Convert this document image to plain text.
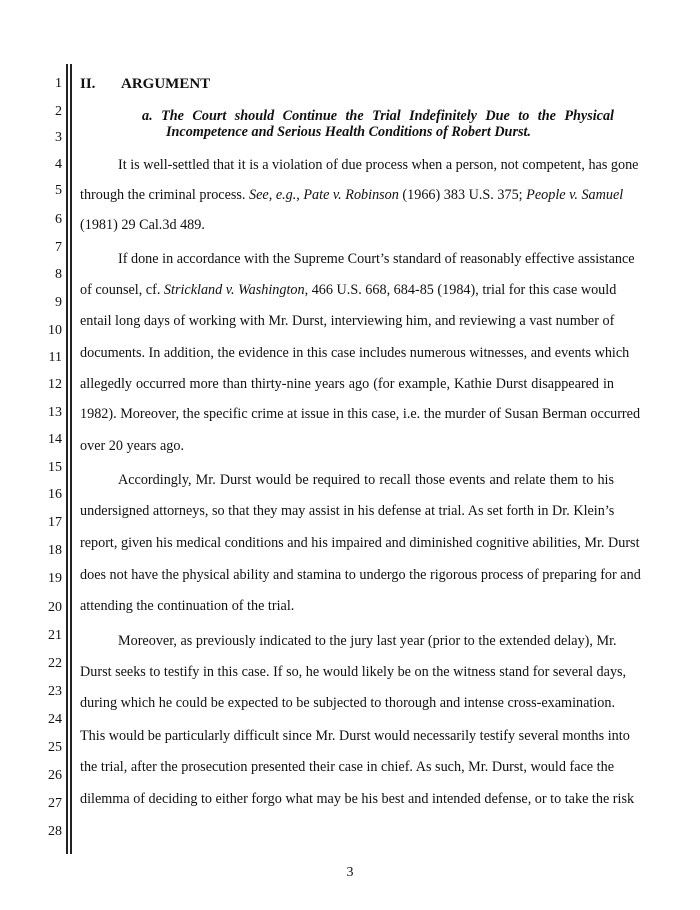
1
2
3
4
5
6
7
8
9
10
11
12
13
14
15
16
17
18
19
20
21
22
23
24
25
26
27
28
II. ARGUMENT
a. The Court should Continue the Trial Indefinitely Due to the Physical
Incompetence and Serious Health Conditions of Robert Durst.
It is well-settled that it is a violation of due process when a person, not competent, has gone
through the criminal process. See, e.g., Pate v. Robinson (1966) 383 U.S. 375; People v. Samuel
(1981) 29 Cal.3d 489.
If done in accordance with the Supreme Court’s standard of reasonably effective assistance
of counsel, cf. Strickland v. Washington, 466 U.S. 668, 684-85 (1984), trial for this case would
entail long days of working with Mr. Durst, interviewing him, and reviewing a vast number of
documents. In addition, the evidence in this case includes numerous witnesses, and events which
allegedly occurred more than thirty-nine years ago (for example, Kathie Durst disappeared in
1982). Moreover, the specific crime at issue in this case, i.e. the murder of Susan Berman occurred
over 20 years ago.
Accordingly, Mr. Durst would be required to recall those events and relate them to his
undersigned attorneys, so that they may assist in his defense at trial. As set forth in Dr. Klein’s
report, given his medical conditions and his impaired and diminished cognitive abilities, Mr. Durst
does not have the physical ability and stamina to undergo the rigorous process of preparing for and
attending the continuation of the trial.
Moreover, as previously indicated to the jury last year (prior to the extended delay), Mr.
Durst seeks to testify in this case. If so, he would likely be on the witness stand for several days,
during which he could be expected to be subjected to thorough and intense cross-examination.
This would be particularly difficult since Mr. Durst would necessarily testify several months into
the trial, after the prosecution presented their case in chief. As such, Mr. Durst, would face the
dilemma of deciding to either forgo what may be his best and intended defense, or to take the risk
3
